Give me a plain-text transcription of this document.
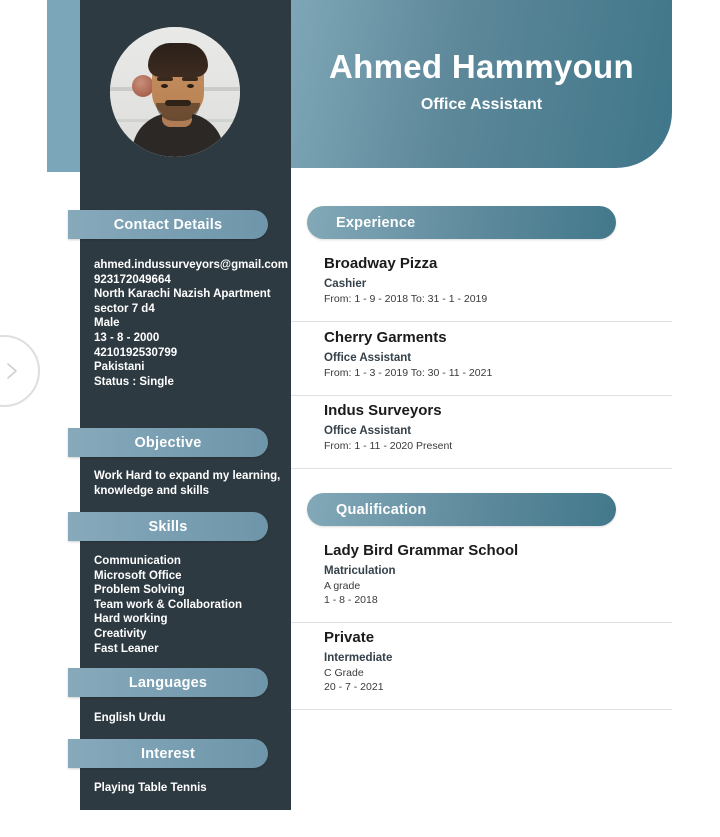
Ahmed Hammyoun
Office Assistant
Contact Details
ahmed.indussurveyors@gmail.com
923172049664
North Karachi Nazish Apartment sector 7 d4
Male
13 - 8 - 2000
4210192530799
Pakistani
Status : Single
Objective
Work Hard to expand my learning, knowledge and skills
Skills
Communication
Microsoft Office
Problem Solving
Team work & Collaboration
Hard working
Creativity
Fast Leaner
Languages
English Urdu
Interest
Playing Table Tennis
Experience

Broadway Pizza

Cashier

From: 1 - 9 - 2018 To: 31 - 1 - 2019

Cherry Garments

Office Assistant

From: 1 - 3 - 2019 To: 30 - 11 - 2021

Indus Surveyors

Office Assistant

From: 1 - 11 - 2020 Present

Qualification

Lady Bird Grammar School

Matriculation

A grade

1 - 8 - 2018

Private

Intermediate

C Grade

20 - 7 - 2021
